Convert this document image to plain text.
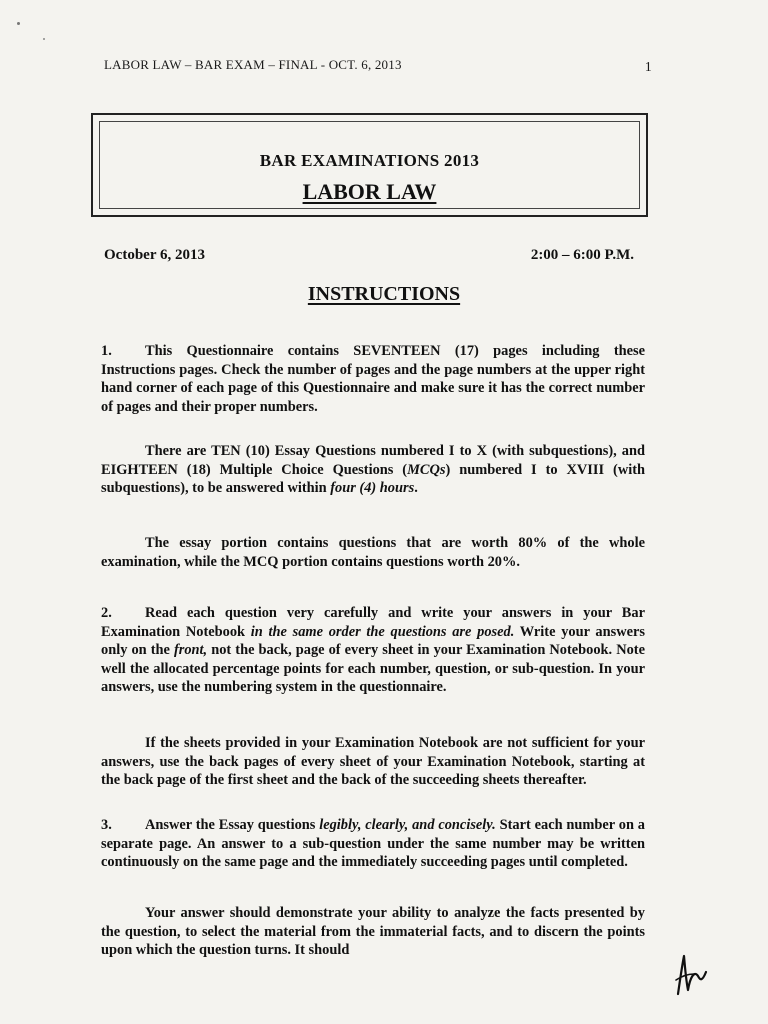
LABOR LAW – BAR EXAM – FINAL - OCT. 6, 2013	1
BAR EXAMINATIONS 2013
LABOR LAW
October 6, 2013	2:00 – 6:00 P.M.
INSTRUCTIONS

1. This Questionnaire contains SEVENTEEN (17) pages including these Instructions pages. Check the number of pages and the page numbers at the upper right hand corner of each page of this Questionnaire and make sure it has the correct number of pages and their proper numbers.

There are TEN (10) Essay Questions numbered I to X (with subquestions), and EIGHTEEN (18) Multiple Choice Questions (MCQs) numbered I to XVIII (with subquestions), to be answered within four (4) hours.

The essay portion contains questions that are worth 80% of the whole examination, while the MCQ portion contains questions worth 20%.

2. Read each question very carefully and write your answers in your Bar Examination Notebook in the same order the questions are posed. Write your answers only on the front, not the back, page of every sheet in your Examination Notebook. Note well the allocated percentage points for each number, question, or sub-question. In your answers, use the numbering system in the questionnaire.

If the sheets provided in your Examination Notebook are not sufficient for your answers, use the back pages of every sheet of your Examination Notebook, starting at the back page of the first sheet and the back of the succeeding sheets thereafter.

3. Answer the Essay questions legibly, clearly, and concisely. Start each number on a separate page. An answer to a sub-question under the same number may be written continuously on the same page and the immediately succeeding pages until completed.

Your answer should demonstrate your ability to analyze the facts presented by the question, to select the material from the immaterial facts, and to discern the points upon which the question turns. It should
